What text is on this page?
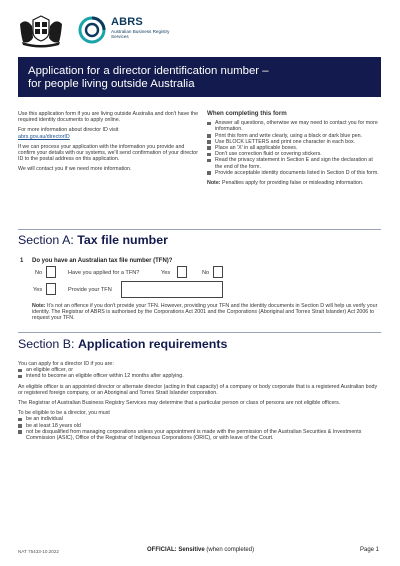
ABRS
Australian Business Registry Services
Application for a director identification number –
for people living outside Australia
Use this application form if you are living outside Australia and don't have the required identity documents to apply online.
For more information about director ID visit
abrs.gov.au/directorID
If we can process your application with the information you provide and confirm your details with our systems, we'll send confirmation of your director ID to the postal address on this application.
We will contact you if we need more information.
When completing this form
Answer all questions, otherwise we may need to contact you for more information.
Print this form and write clearly, using a black or dark blue pen.
Use BLOCK LETTERS and print one character in each box.
Place an 'X' in all applicable boxes.
Don't use correction fluid or covering stickers.
Read the privacy statement in Section E and sign the declaration at the end of the form.
Provide acceptable identity documents listed in Section D of this form.
Note: Penalties apply for providing false or misleading information.
Section A: Tax file number
1 Do you have an Australian tax file number (TFN)?
No	Have you applied for a TFN?	Yes	No
Yes	Provide your TFN
Note: It's not an offence if you don't provide your TFN. However, providing your TFN and the identity documents in Section D will help us verify your identity. The Registrar of ABRS is authorised by the Corporations Act 2001 and the Corporations (Aboriginal and Torres Strait Islander) Act 2006 to request your TFN.
Section B: Application requirements
You can apply for a director ID if you are:
an eligible officer, or
intend to become an eligible officer within 12 months after applying.
An eligible officer is an appointed director or alternate director (acting in that capacity) of a company or body corporate that is a registered Australian body or registered foreign company, or an Aboriginal and Torres Strait Islander corporation.
The Registrar of Australian Business Registry Services may determine that a particular person or class of persons are not eligible officers.
To be eligible to be a director, you must
be an individual
be at least 18 years old
not be disqualified from managing corporations unless your appointment is made with the permission of the Australian Securities & Investments Commission (ASIC), Office of the Registrar of Indigenous Corporations (ORIC), or with leave of the Court.
NAT 75433-10.2022	OFFICIAL: Sensitive (when completed)	Page 1
